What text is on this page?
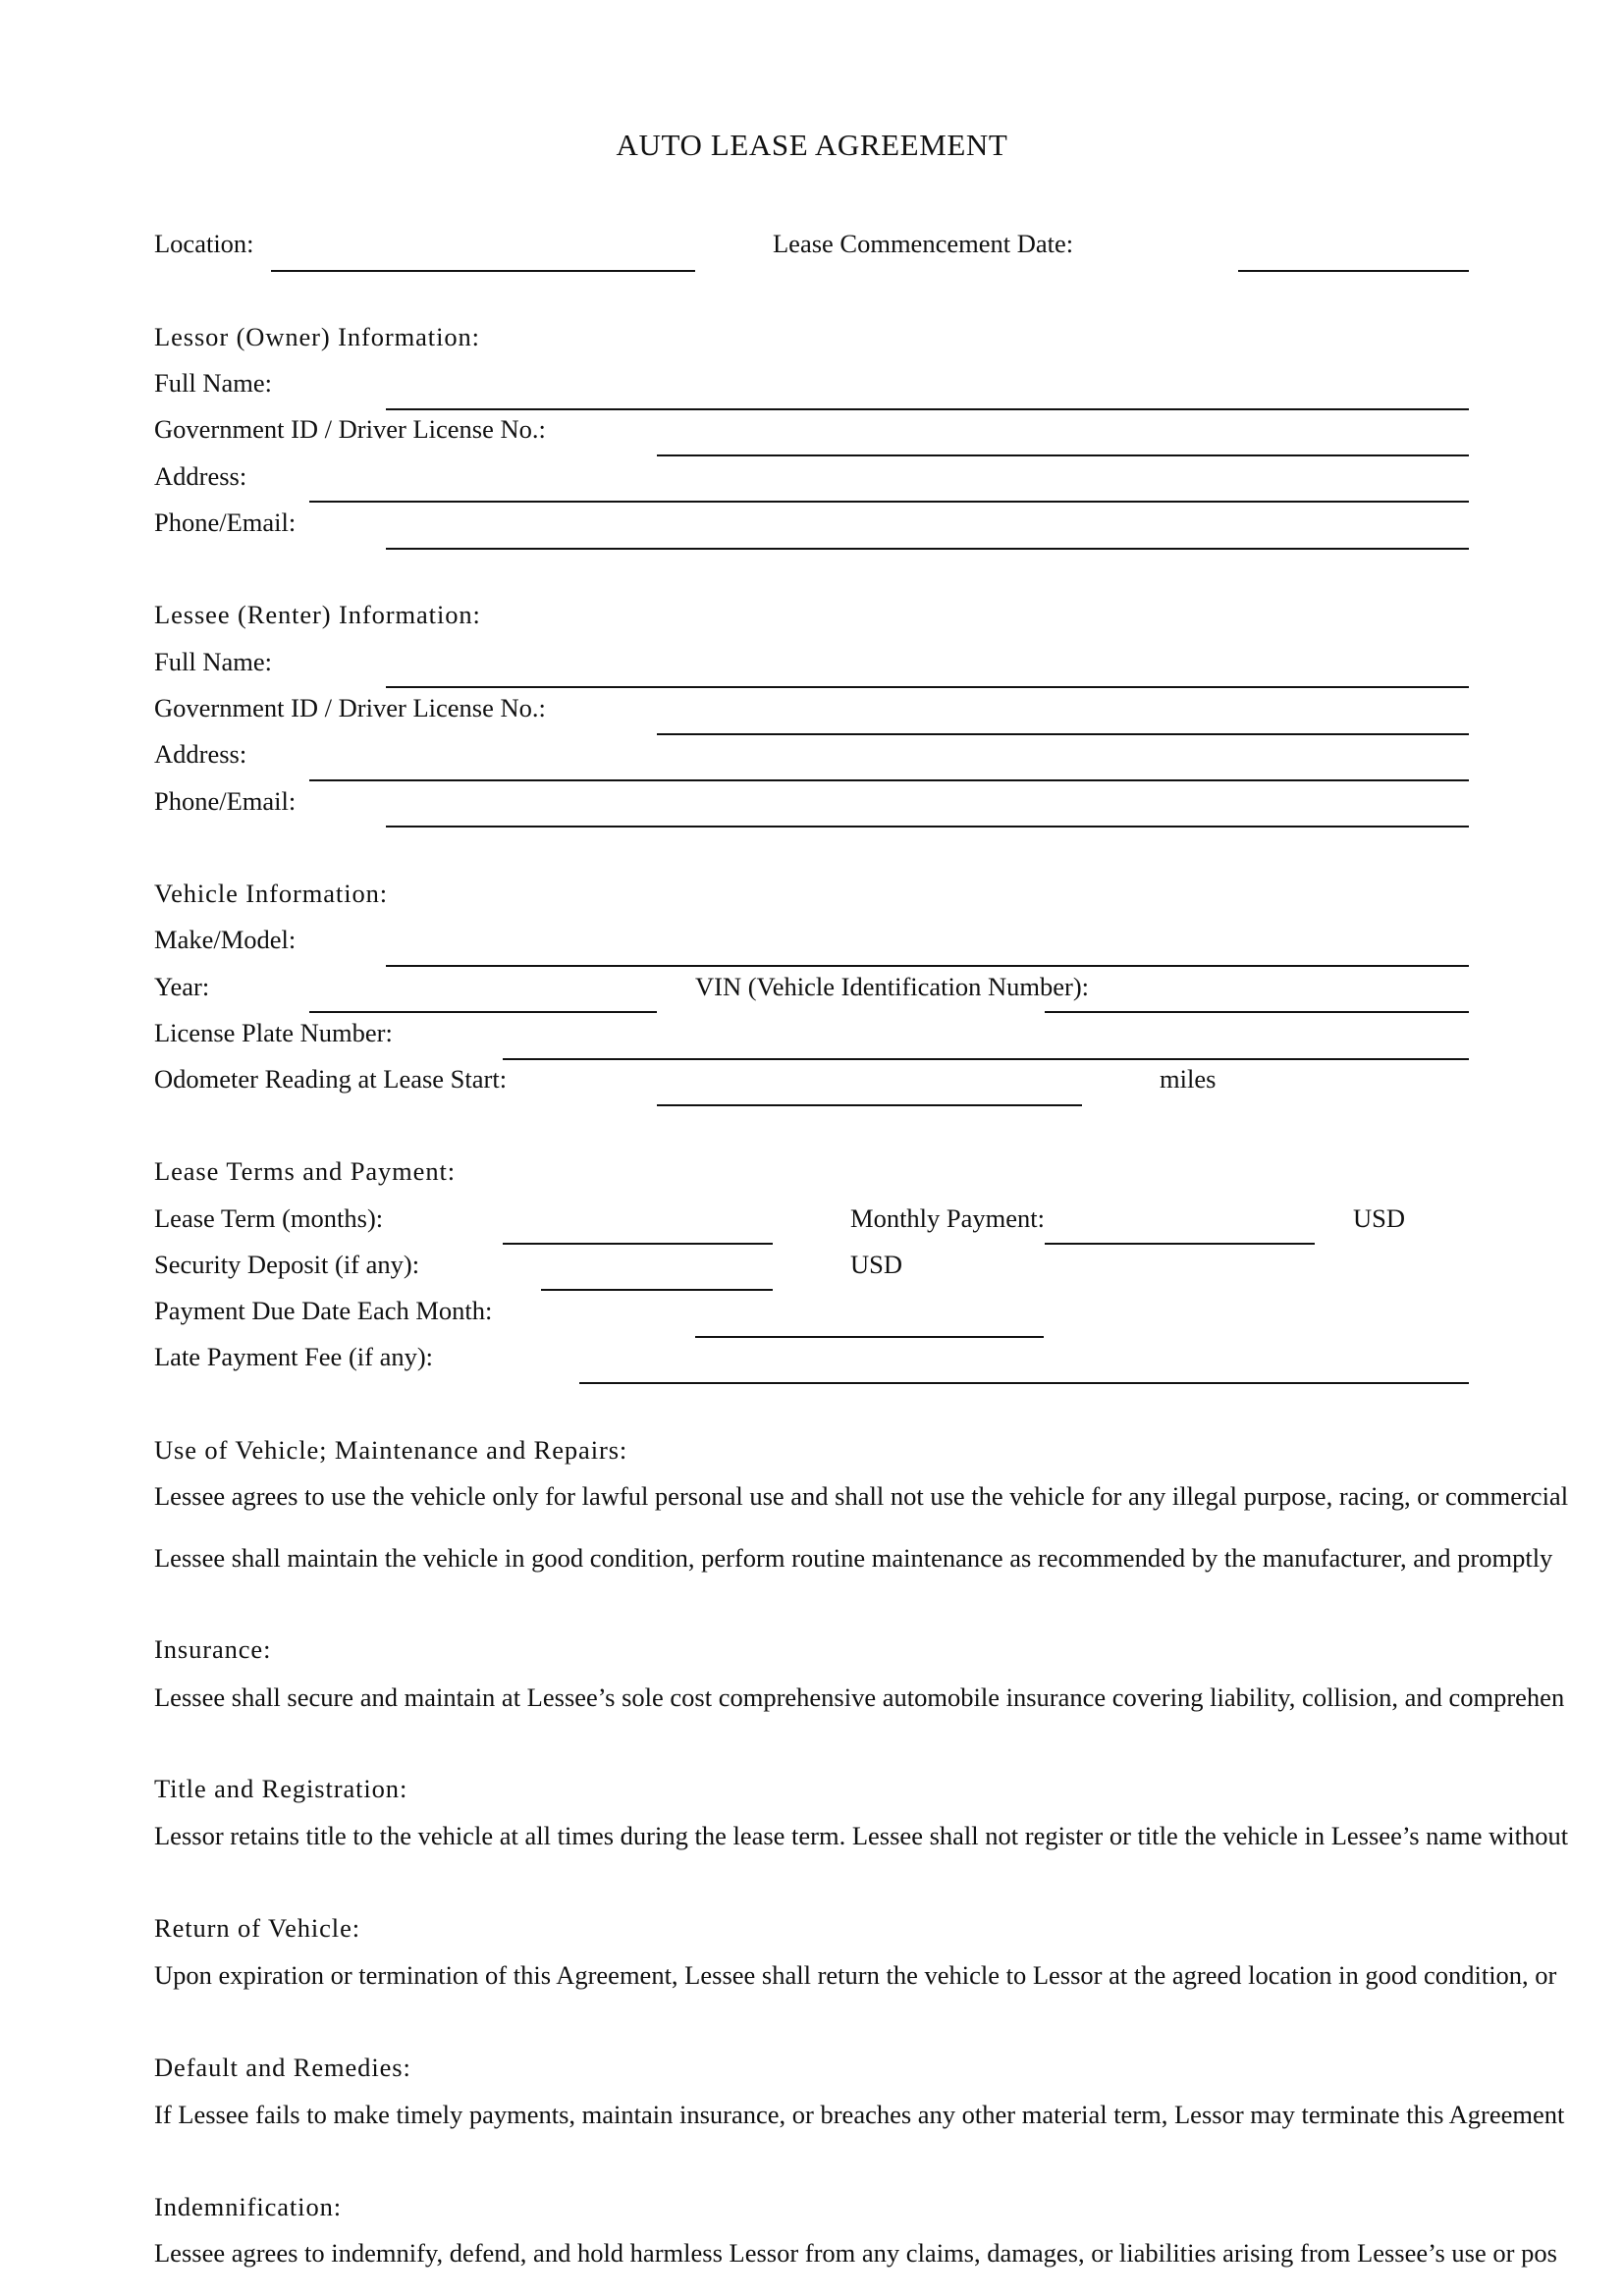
AUTO LEASE AGREEMENT
Location:	Lease Commencement Date:
Lessor (Owner) Information:
Full Name:
Government ID / Driver License No.:
Address:
Phone/Email:
Lessee (Renter) Information:
Full Name:
Government ID / Driver License No.:
Address:
Phone/Email:
Vehicle Information:
Make/Model:
Year:	VIN (Vehicle Identification Number):
License Plate Number:
Odometer Reading at Lease Start:	miles
Lease Terms and Payment:
Lease Term (months):	Monthly Payment:	USD
Security Deposit (if any):	USD
Payment Due Date Each Month:
Late Payment Fee (if any):
Use of Vehicle; Maintenance and Repairs:
Lessee agrees to use the vehicle only for lawful personal use and shall not use the vehicle for any illegal purpose, racing, or commercial
Lessee shall maintain the vehicle in good condition, perform routine maintenance as recommended by the manufacturer, and promptly
Insurance:
Lessee shall secure and maintain at Lessee’s sole cost comprehensive automobile insurance covering liability, collision, and comprehen
Title and Registration:
Lessor retains title to the vehicle at all times during the lease term. Lessee shall not register or title the vehicle in Lessee’s name without
Return of Vehicle:
Upon expiration or termination of this Agreement, Lessee shall return the vehicle to Lessor at the agreed location in good condition, or
Default and Remedies:
If Lessee fails to make timely payments, maintain insurance, or breaches any other material term, Lessor may terminate this Agreement
Indemnification:
Lessee agrees to indemnify, defend, and hold harmless Lessor from any claims, damages, or liabilities arising from Lessee’s use or pos
